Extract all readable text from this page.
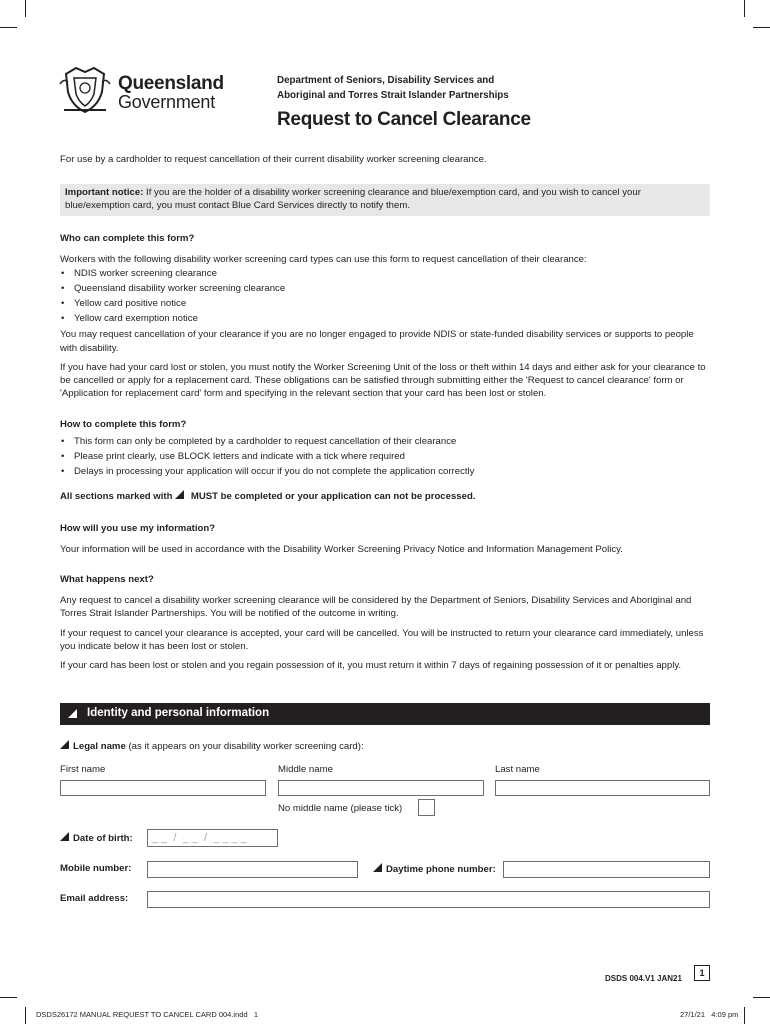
Queensland
Government
Department of Seniors, Disability Services and
Aboriginal and Torres Strait Islander Partnerships
Request to Cancel Clearance

For use by a cardholder to request cancellation of their current disability worker screening clearance.

Important notice: If you are the holder of a disability worker screening clearance and blue/exemption card, and you wish to cancel your blue/exemption card, you must contact Blue Card Services directly to notify them.

Who can complete this form?

Workers with the following disability worker screening card types can use this form to request cancellation of their clearance:

• NDIS worker screening clearance
• Queensland disability worker screening clearance
• Yellow card positive notice
• Yellow card exemption notice

You may request cancellation of your clearance if you are no longer engaged to provide NDIS or state-funded disability services or supports to people with disability.

If you have had your card lost or stolen, you must notify the Worker Screening Unit of the loss or theft within 14 days and either ask for your clearance to be cancelled or apply for a replacement card. These obligations can be satisfied through submitting either the 'Request to cancel clearance' form or 'Application for replacement card' form and specifying in the relevant section that your card has been lost or stolen.

How to complete this form?

• This form can only be completed by a cardholder to request cancellation of their clearance
• Please print clearly, use BLOCK letters and indicate with a tick where required
• Delays in processing your application will occur if you do not complete the application correctly

All sections marked with  MUST be completed or your application can not be processed.

How will you use my information?

Your information will be used in accordance with the Disability Worker Screening Privacy Notice and Information Management Policy.

What happens next?

Any request to cancel a disability worker screening clearance will be considered by the Department of Seniors, Disability Services and Aboriginal and Torres Strait Islander Partnerships. You will be notified of the outcome in writing.

If your request to cancel your clearance is accepted, your card will be cancelled. You will be instructed to return your clearance card immediately, unless you indicate below it has been lost or stolen.

If your card has been lost or stolen and you regain possession of it, you must return it within 7 days of regaining possession of it or penalties apply.

Identity and personal information
Legal name (as it appears on your disability worker screening card):
First name	Middle name	Last name
No middle name (please tick)
Date of birth:	_ _  /  _ _  /  _ _ _ _
Mobile number:	Daytime phone number:
Email address:
DSDS 004.V1 JAN21
1
DSDS26172 MANUAL REQUEST TO CANCEL CARD 004.indd   1	27/1/21   4:09 pm
